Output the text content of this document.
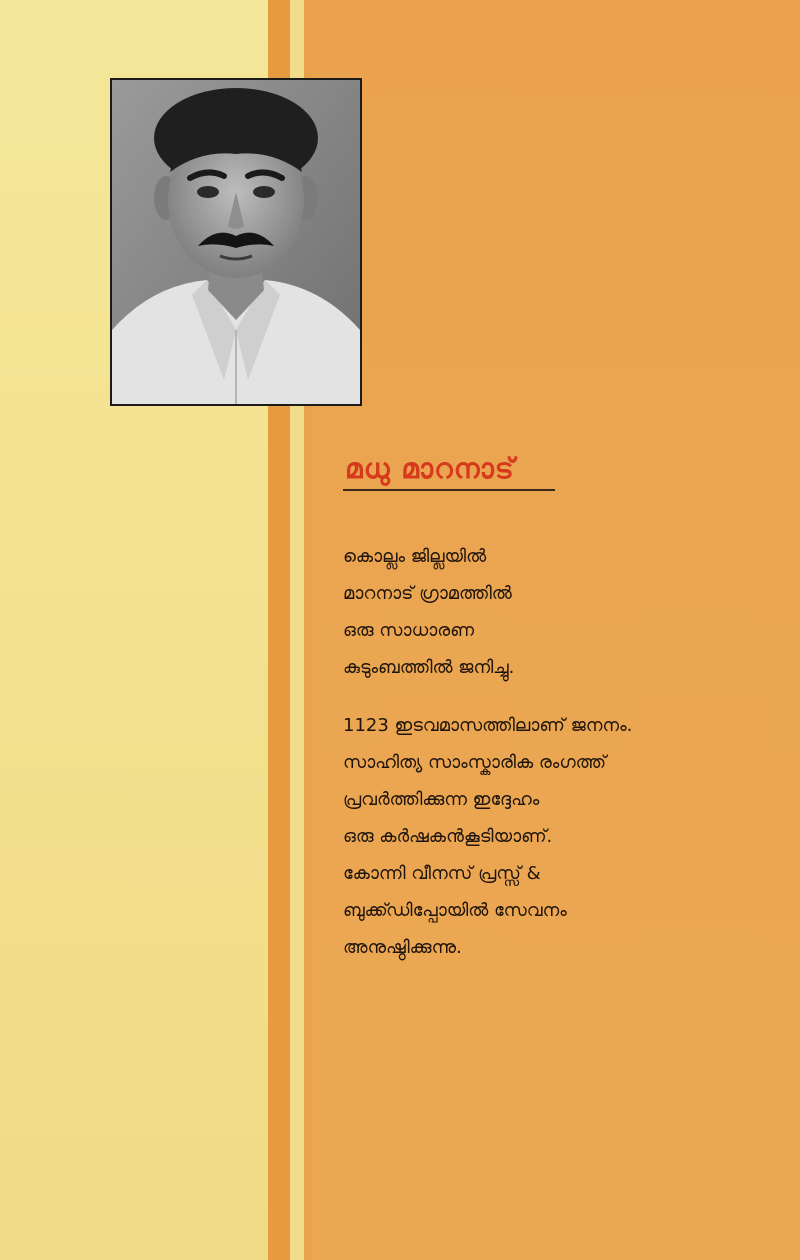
മധു മാറനാട്
കൊല്ലം ജില്ലയിൽ
മാറനാട് ഗ്രാമത്തിൽ
ഒരു സാധാരണ
കുടുംബത്തിൽ ജനിച്ചു.
1123 ഇടവമാസത്തിലാണ് ജനനം.
സാഹിത്യ സാംസ്കാരിക രംഗത്ത്
പ്രവർത്തിക്കുന്ന ഇദ്ദേഹം
ഒരു കർഷകൻകൂടിയാണ്.
കോന്നി വീനസ് പ്രസ്സ് &
ബുക്ക്ഡിപ്പോയിൽ സേവനം
അനുഷ്ഠിക്കുന്നു.
